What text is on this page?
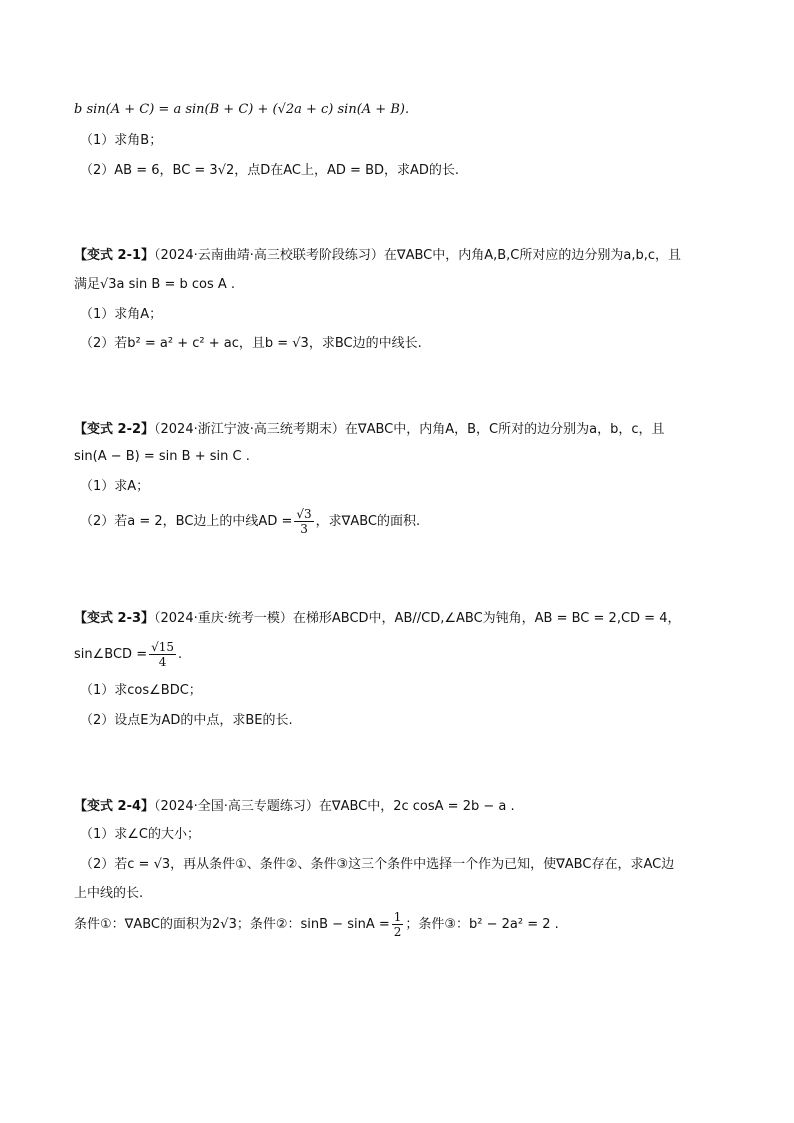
b sin(A + C) = a sin(B + C) + (√2a + c) sin(A + B).
（1）求角B；
（2）AB = 6，BC = 3√2，点D在AC上，AD = BD，求AD的长.
【变式 2-1】（2024·云南曲靖·高三校联考阶段练习）在∇ABC中，内角A,B,C所对应的边分别为a,b,c，且
满足√3a sin B = b cos A .
（1）求角A；
（2）若b² = a² + c² + ac，且b = √3，求BC边的中线长.
【变式 2-2】（2024·浙江宁波·高三统考期末）在∇ABC中，内角A，B，C所对的边分别为a，b，c，且
sin(A − B) = sin B + sin C .
（1）求A；
（2）若a = 2，BC边上的中线AD = $\frac{√3}{3}$ ，求∇ABC的面积.
【变式 2-3】（2024·重庆·统考一模）在梯形ABCD中，AB//CD,∠ABC为钝角，AB = BC = 2,CD = 4，
sin∠BCD = $\frac{√15}{4}$ .
（1）求cos∠BDC；
（2）设点E为AD的中点，求BE的长.
【变式 2-4】（2024·全国·高三专题练习）在∇ABC中，2c cosA = 2b − a .
（1）求∠C的大小；
（2）若c = √3，再从条件①、条件②、条件③这三个条件中选择一个作为已知，使∇ABC存在，求AC边
上中线的长.
条件①：∇ABC的面积为2√3；条件②：$\sin B - \sin A = \frac{1}{2}$ ；条件③：b² − 2a² = 2 .
